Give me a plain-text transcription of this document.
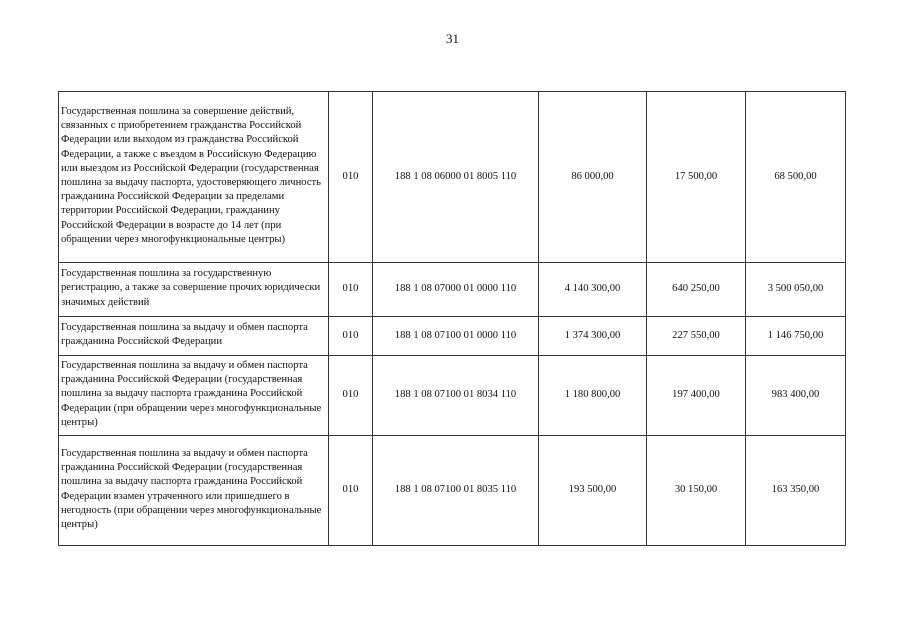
31
Государственная пошлина за совершение действий, связанных с приобретением гражданства Российской Федерации или выходом из гражданства Российской Федерации, а также с въездом в Российскую Федерацию или выездом из Российской Федерации (государственная пошлина за выдачу паспорта, удостоверяющего личность гражданина Российской Федерации за пределами территории Российской Федерации, гражданину Российской Федерации в возрасте до 14 лет (при обращении через многофункциональные центры)	010	188 1 08 06000 01 8005 110	86 000,00	17 500,00	68 500,00
Государственная пошлина за государственную регистрацию, а также за совершение прочих юридически значимых действий	010	188 1 08 07000 01 0000 110	4 140 300,00	640 250,00	3 500 050,00
Государственная пошлина за выдачу и обмен паспорта гражданина Российской Федерации	010	188 1 08 07100 01 0000 110	1 374 300,00	227 550,00	1 146 750,00
Государственная пошлина за выдачу и обмен паспорта гражданина Российской Федерации (государственная пошлина за выдачу паспорта гражданина Российской Федерации (при обращении через многофункциональные центры)	010	188 1 08 07100 01 8034 110	1 180 800,00	197 400,00	983 400,00
Государственная пошлина за выдачу и обмен паспорта гражданина Российской Федерации (государственная пошлина за выдачу паспорта гражданина Российской Федерации взамен утраченного или пришедшего в негодность (при обращении через многофункциональные центры)	010	188 1 08 07100 01 8035 110	193 500,00	30 150,00	163 350,00
